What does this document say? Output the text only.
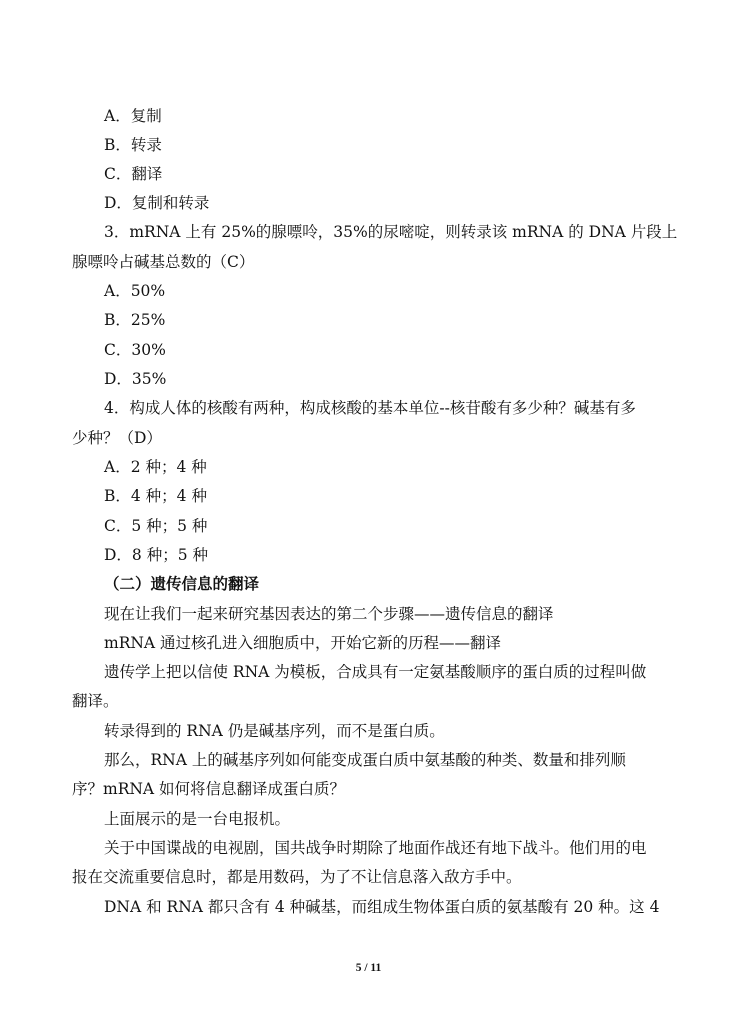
A．复制
B．转录
C．翻译
D．复制和转录
3．mRNA 上有 25%的腺嘌呤，35%的尿嘧啶，则转录该 mRNA 的 DNA 片段上
腺嘌呤占碱基总数的（C）
A．50%
B．25%
C．30%
D．35%
4．构成人体的核酸有两种，构成核酸的基本单位--核苷酸有多少种？碱基有多
少种？（D）
A．2 种；4 种
B．4 种；4 种
C．5 种；5 种
D．8 种；5 种
（二）遗传信息的翻译
现在让我们一起来研究基因表达的第二个步骤——遗传信息的翻译
mRNA 通过核孔进入细胞质中，开始它新的历程——翻译
遗传学上把以信使 RNA 为模板，合成具有一定氨基酸顺序的蛋白质的过程叫做
翻译。
转录得到的 RNA 仍是碱基序列，而不是蛋白质。
那么，RNA 上的碱基序列如何能变成蛋白质中氨基酸的种类、数量和排列顺
序？mRNA 如何将信息翻译成蛋白质？
上面展示的是一台电报机。
关于中国谍战的电视剧，国共战争时期除了地面作战还有地下战斗。他们用的电
报在交流重要信息时，都是用数码，为了不让信息落入敌方手中。
DNA 和 RNA 都只含有 4 种碱基，而组成生物体蛋白质的氨基酸有 20 种。这 4
5 / 11
